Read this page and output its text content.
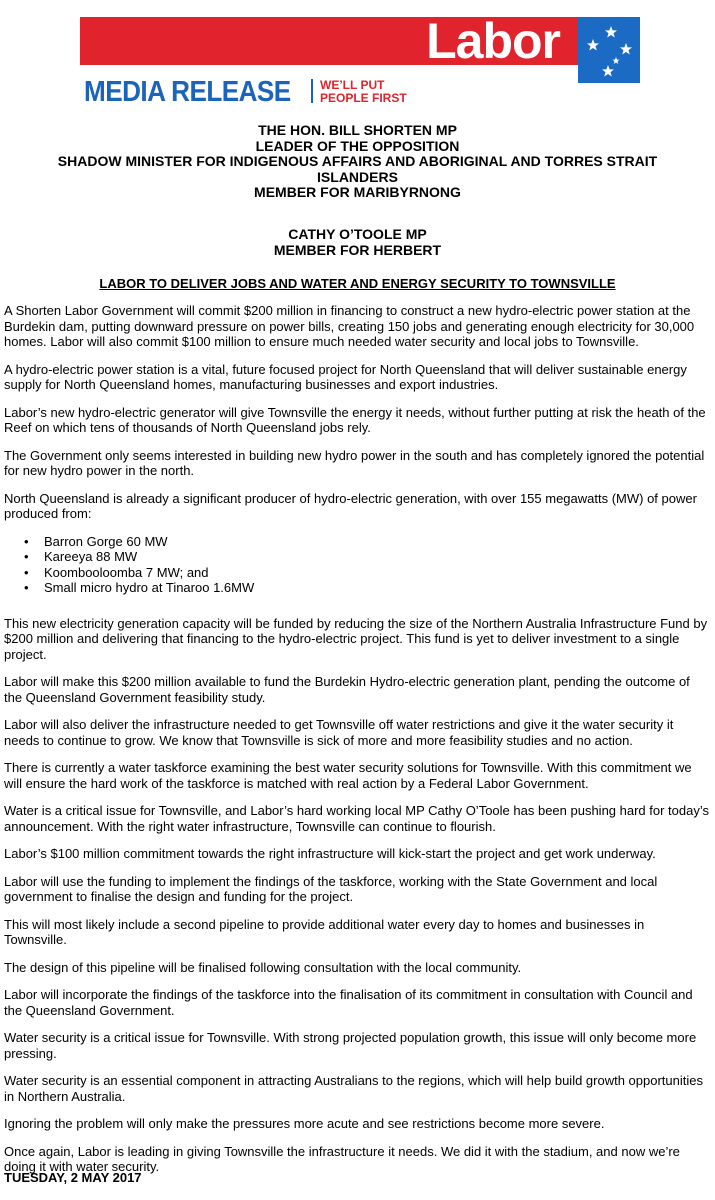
Labor
MEDIA RELEASE WE’LL PUT
PEOPLE FIRST
THE HON. BILL SHORTEN MP
LEADER OF THE OPPOSITION
SHADOW MINISTER FOR INDIGENOUS AFFAIRS AND ABORIGINAL AND TORRES STRAIT
ISLANDERS
MEMBER FOR MARIBYRNONG
CATHY O’TOOLE MP
MEMBER FOR HERBERT
LABOR TO DELIVER JOBS AND WATER AND ENERGY SECURITY TO TOWNSVILLE

A Shorten Labor Government will commit $200 million in financing to construct a new hydro-electric power station at the Burdekin dam, putting downward pressure on power bills, creating 150 jobs and generating enough electricity for 30,000 homes. Labor will also commit $100 million to ensure much needed water security and local jobs to Townsville.

A hydro-electric power station is a vital, future focused project for North Queensland that will deliver sustainable energy supply for North Queensland homes, manufacturing businesses and export industries.

Labor’s new hydro-electric generator will give Townsville the energy it needs, without further putting at risk the heath of the Reef on which tens of thousands of North Queensland jobs rely.

The Government only seems interested in building new hydro power in the south and has completely ignored the potential for new hydro power in the north.

North Queensland is already a significant producer of hydro-electric generation, with over 155 megawatts (MW) of power produced from:

• Barron Gorge 60 MW
• Kareeya 88 MW
• Koombooloomba 7 MW; and
• Small micro hydro at Tinaroo 1.6MW

This new electricity generation capacity will be funded by reducing the size of the Northern Australia Infrastructure Fund by $200 million and delivering that financing to the hydro-electric project. This fund is yet to deliver investment to a single project.

Labor will make this $200 million available to fund the Burdekin Hydro-electric generation plant, pending the outcome of the Queensland Government feasibility study.

Labor will also deliver the infrastructure needed to get Townsville off water restrictions and give it the water security it needs to continue to grow. We know that Townsville is sick of more and more feasibility studies and no action.

There is currently a water taskforce examining the best water security solutions for Townsville. With this commitment we will ensure the hard work of the taskforce is matched with real action by a Federal Labor Government.

Water is a critical issue for Townsville, and Labor’s hard working local MP Cathy O’Toole has been pushing hard for today’s announcement. With the right water infrastructure, Townsville can continue to flourish.

Labor’s $100 million commitment towards the right infrastructure will kick-start the project and get work underway.

Labor will use the funding to implement the findings of the taskforce, working with the State Government and local government to finalise the design and funding for the project.

This will most likely include a second pipeline to provide additional water every day to homes and businesses in Townsville.

The design of this pipeline will be finalised following consultation with the local community.

Labor will incorporate the findings of the taskforce into the finalisation of its commitment in consultation with Council and the Queensland Government.

Water security is a critical issue for Townsville. With strong projected population growth, this issue will only become more pressing.

Water security is an essential component in attracting Australians to the regions, which will help build growth opportunities in Northern Australia.

Ignoring the problem will only make the pressures more acute and see restrictions become more severe.

Once again, Labor is leading in giving Townsville the infrastructure it needs. We did it with the stadium, and now we’re doing it with water security.

TUESDAY, 2 MAY 2017
